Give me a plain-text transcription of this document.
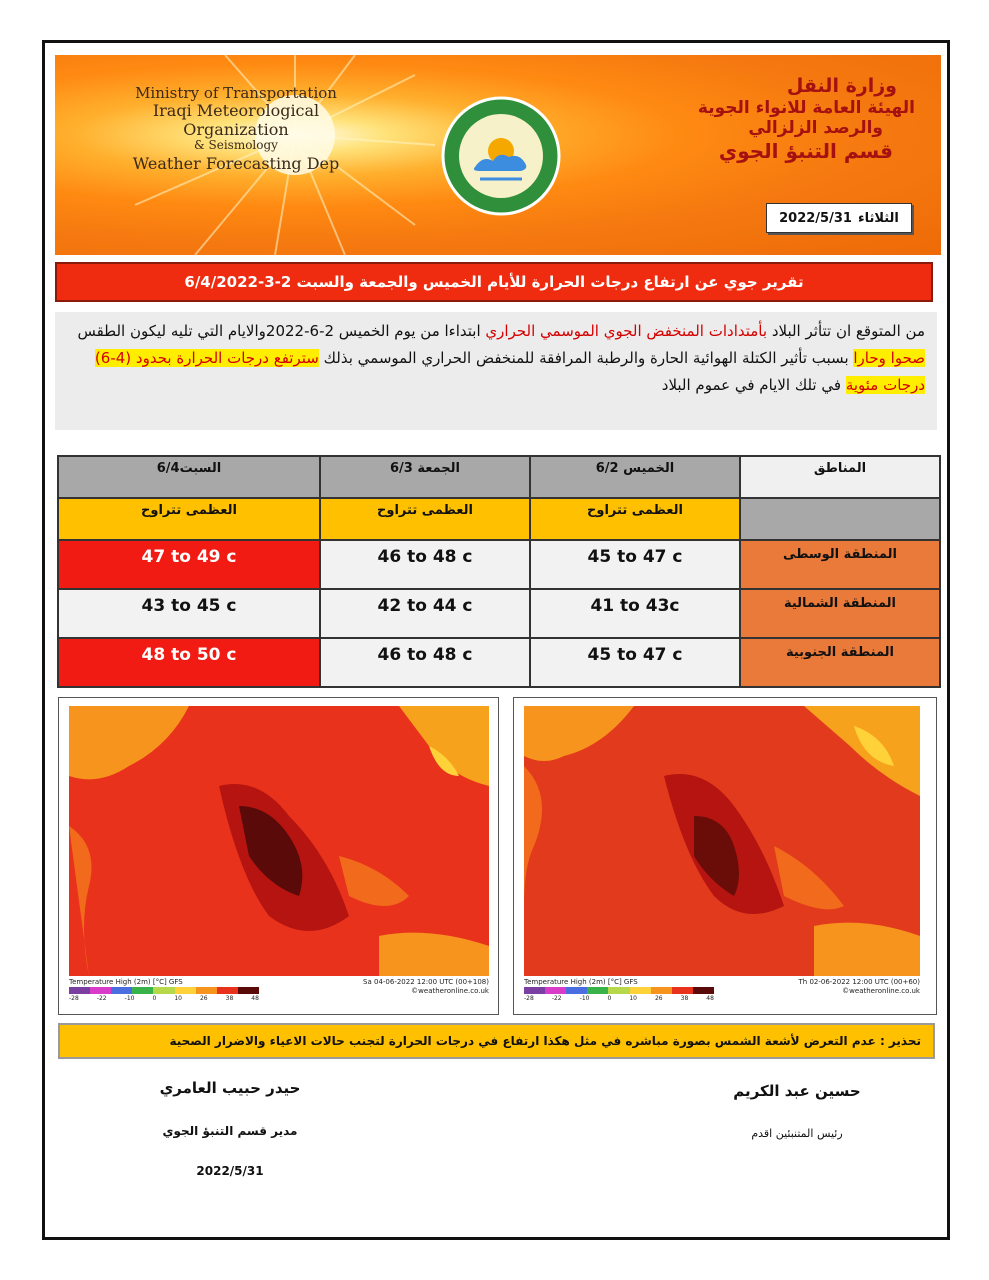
Ministry of Transportation
Iraqi Meteorological Organization
& Seismology
Weather Forecasting Dep
وزارة النقل
الهيئة العامة للانواء الجوية
والرصد الزلزالي
قسم التنبؤ الجوي
الثلاثاء
2022/5/31
تقرير جوي عن ارتفاع درجات الحرارة للأيام الخميس والجمعة والسبت 2-3-6/4/2022
من المتوقع ان تتأثر البلاد بأمتدادات المنخفض الجوي الموسمي الحراري ابتداءا من يوم الخميس 2-6-2022والايام التي تليه ليكون الطقس صحوا وحارا بسبب تأثير الكتلة الهوائية الحارة والرطبة المرافقة للمنخفض الحراري الموسمي بذلك سترتفع درجات الحرارة بحدود (4-6) درجات مئوية في تلك الايام في عموم البلاد
السبت6/4	الجمعة 6/3	الخميس 6/2	المناطق
العظمى تتراوح	العظمى تتراوح	العظمى تتراوح	
47 to 49 c	46 to 48 c	45 to 47 c	المنطقة الوسطى
43 to 45 c	42 to 44 c	41 to 43c	المنطقة الشمالية
48 to 50 c	46 to 48 c	45 to 47 c	المنطقة الجنوبية
Temperature High (2m) [°C] GFS	Sa 04-06-2022 12:00 UTC (00+108)
©weatheronline.co.uk
-28	-22	-10	0	10	26	38	48
Temperature High (2m) [°C] GFS	Th 02-06-2022 12:00 UTC (00+60)
©weatheronline.co.uk
-28	-22	-10	0	10	26	38	48
تحذير : عدم التعرض لأشعة الشمس بصورة مباشره في مثل هكذا ارتفاع في درجات الحرارة لتجنب حالات الاعياء والاضرار الصحية
حيدر حبيب العامري
مدير قسم التنبؤ الجوي
2022/5/31
حسين عبد الكريم
رئيس المتنبئين اقدم
